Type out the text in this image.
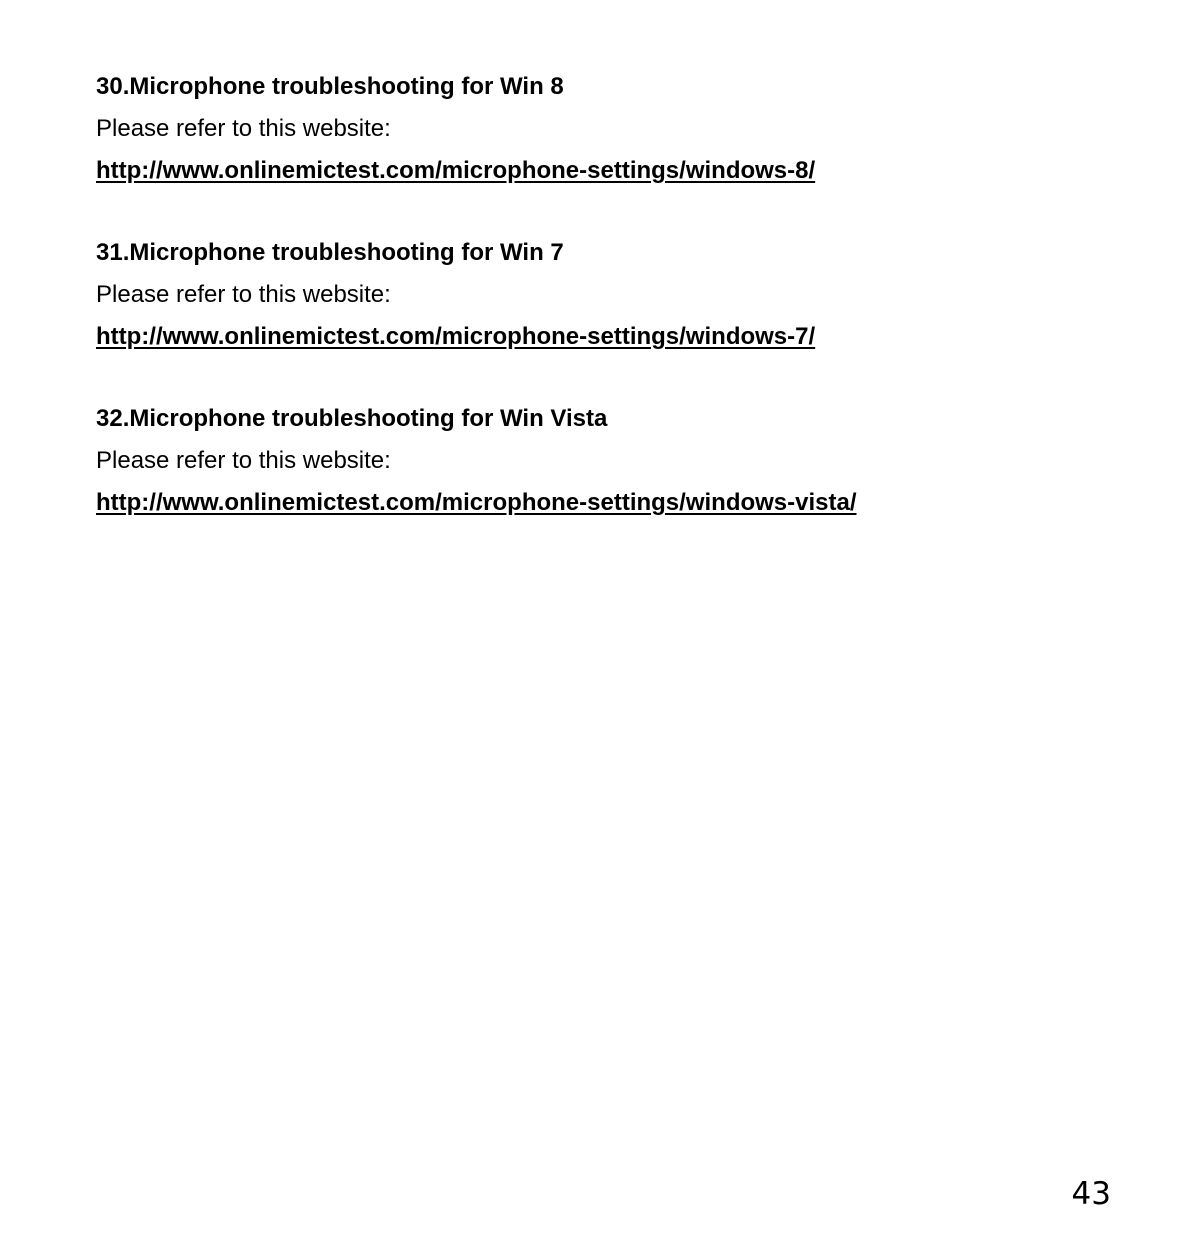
30.Microphone troubleshooting for Win 8

Please refer to this website:

http://www.onlinemictest.com/microphone-settings/windows-8/
31.Microphone troubleshooting for Win 7

Please refer to this website:

http://www.onlinemictest.com/microphone-settings/windows-7/
32.Microphone troubleshooting for Win Vista

Please refer to this website:

http://www.onlinemictest.com/microphone-settings/windows-vista/
43
